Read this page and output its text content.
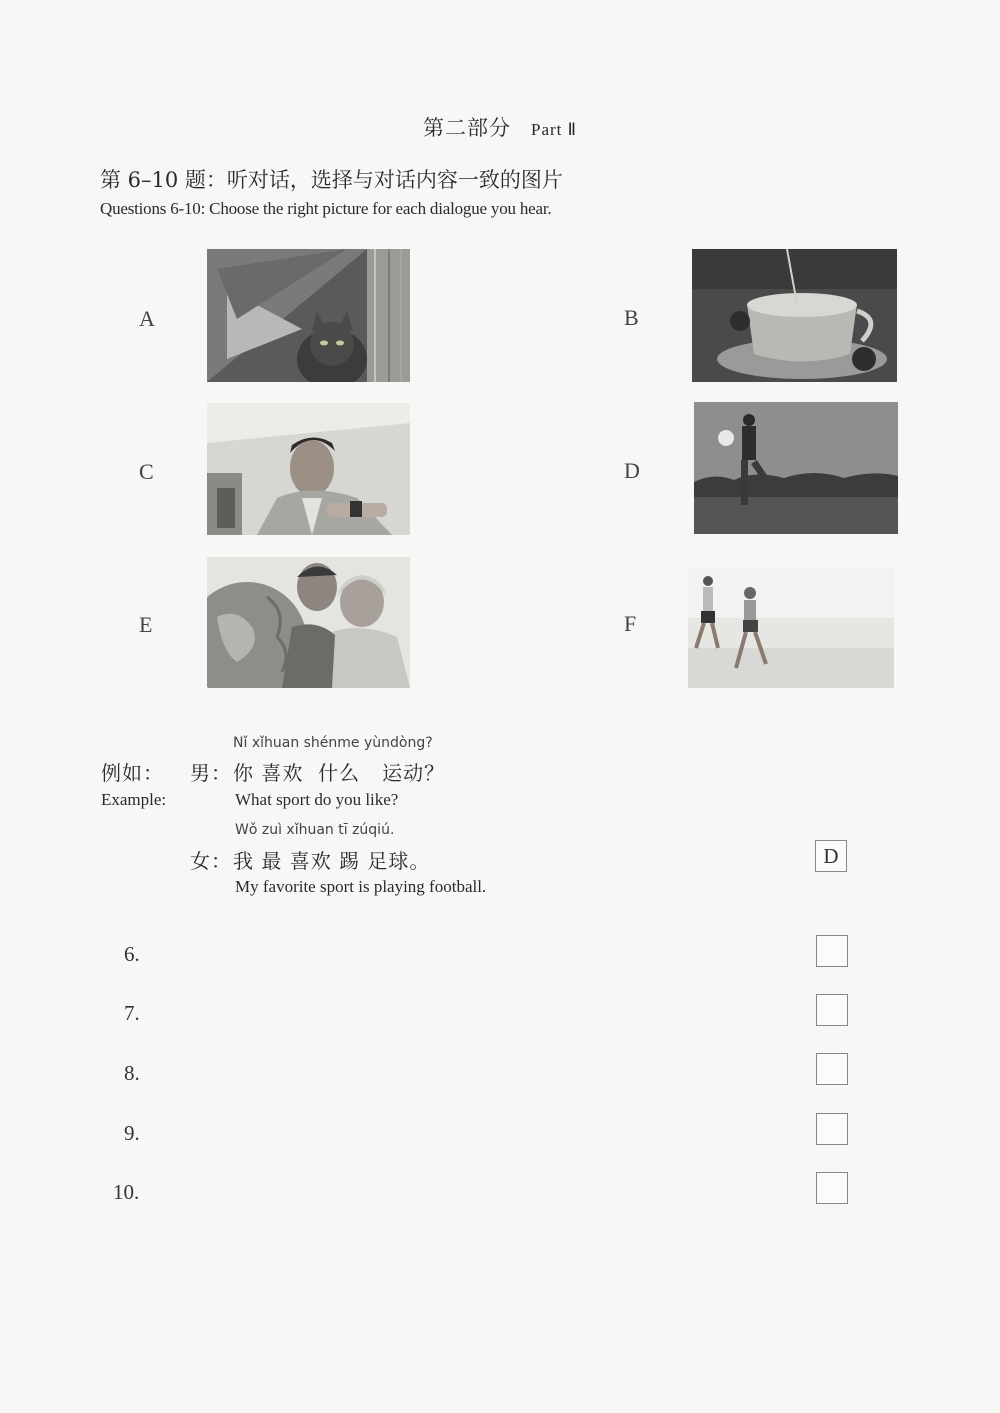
第二部分 Part Ⅱ
第 6–10 题：听对话，选择与对话内容一致的图片
Questions 6-10: Choose the right picture for each dialogue you hear.
A	B
C	D
E	F
Nǐ xǐhuan shénme yùndòng?
例如： 男： 你 喜欢  什么   运动？
Example:	What sport do you like?
Wǒ zuì xǐhuan tī zúqiú.
女： 我 最 喜欢 踢 足球。
My favorite sport is playing football.
D
6.
7.
8.
9.
10.
